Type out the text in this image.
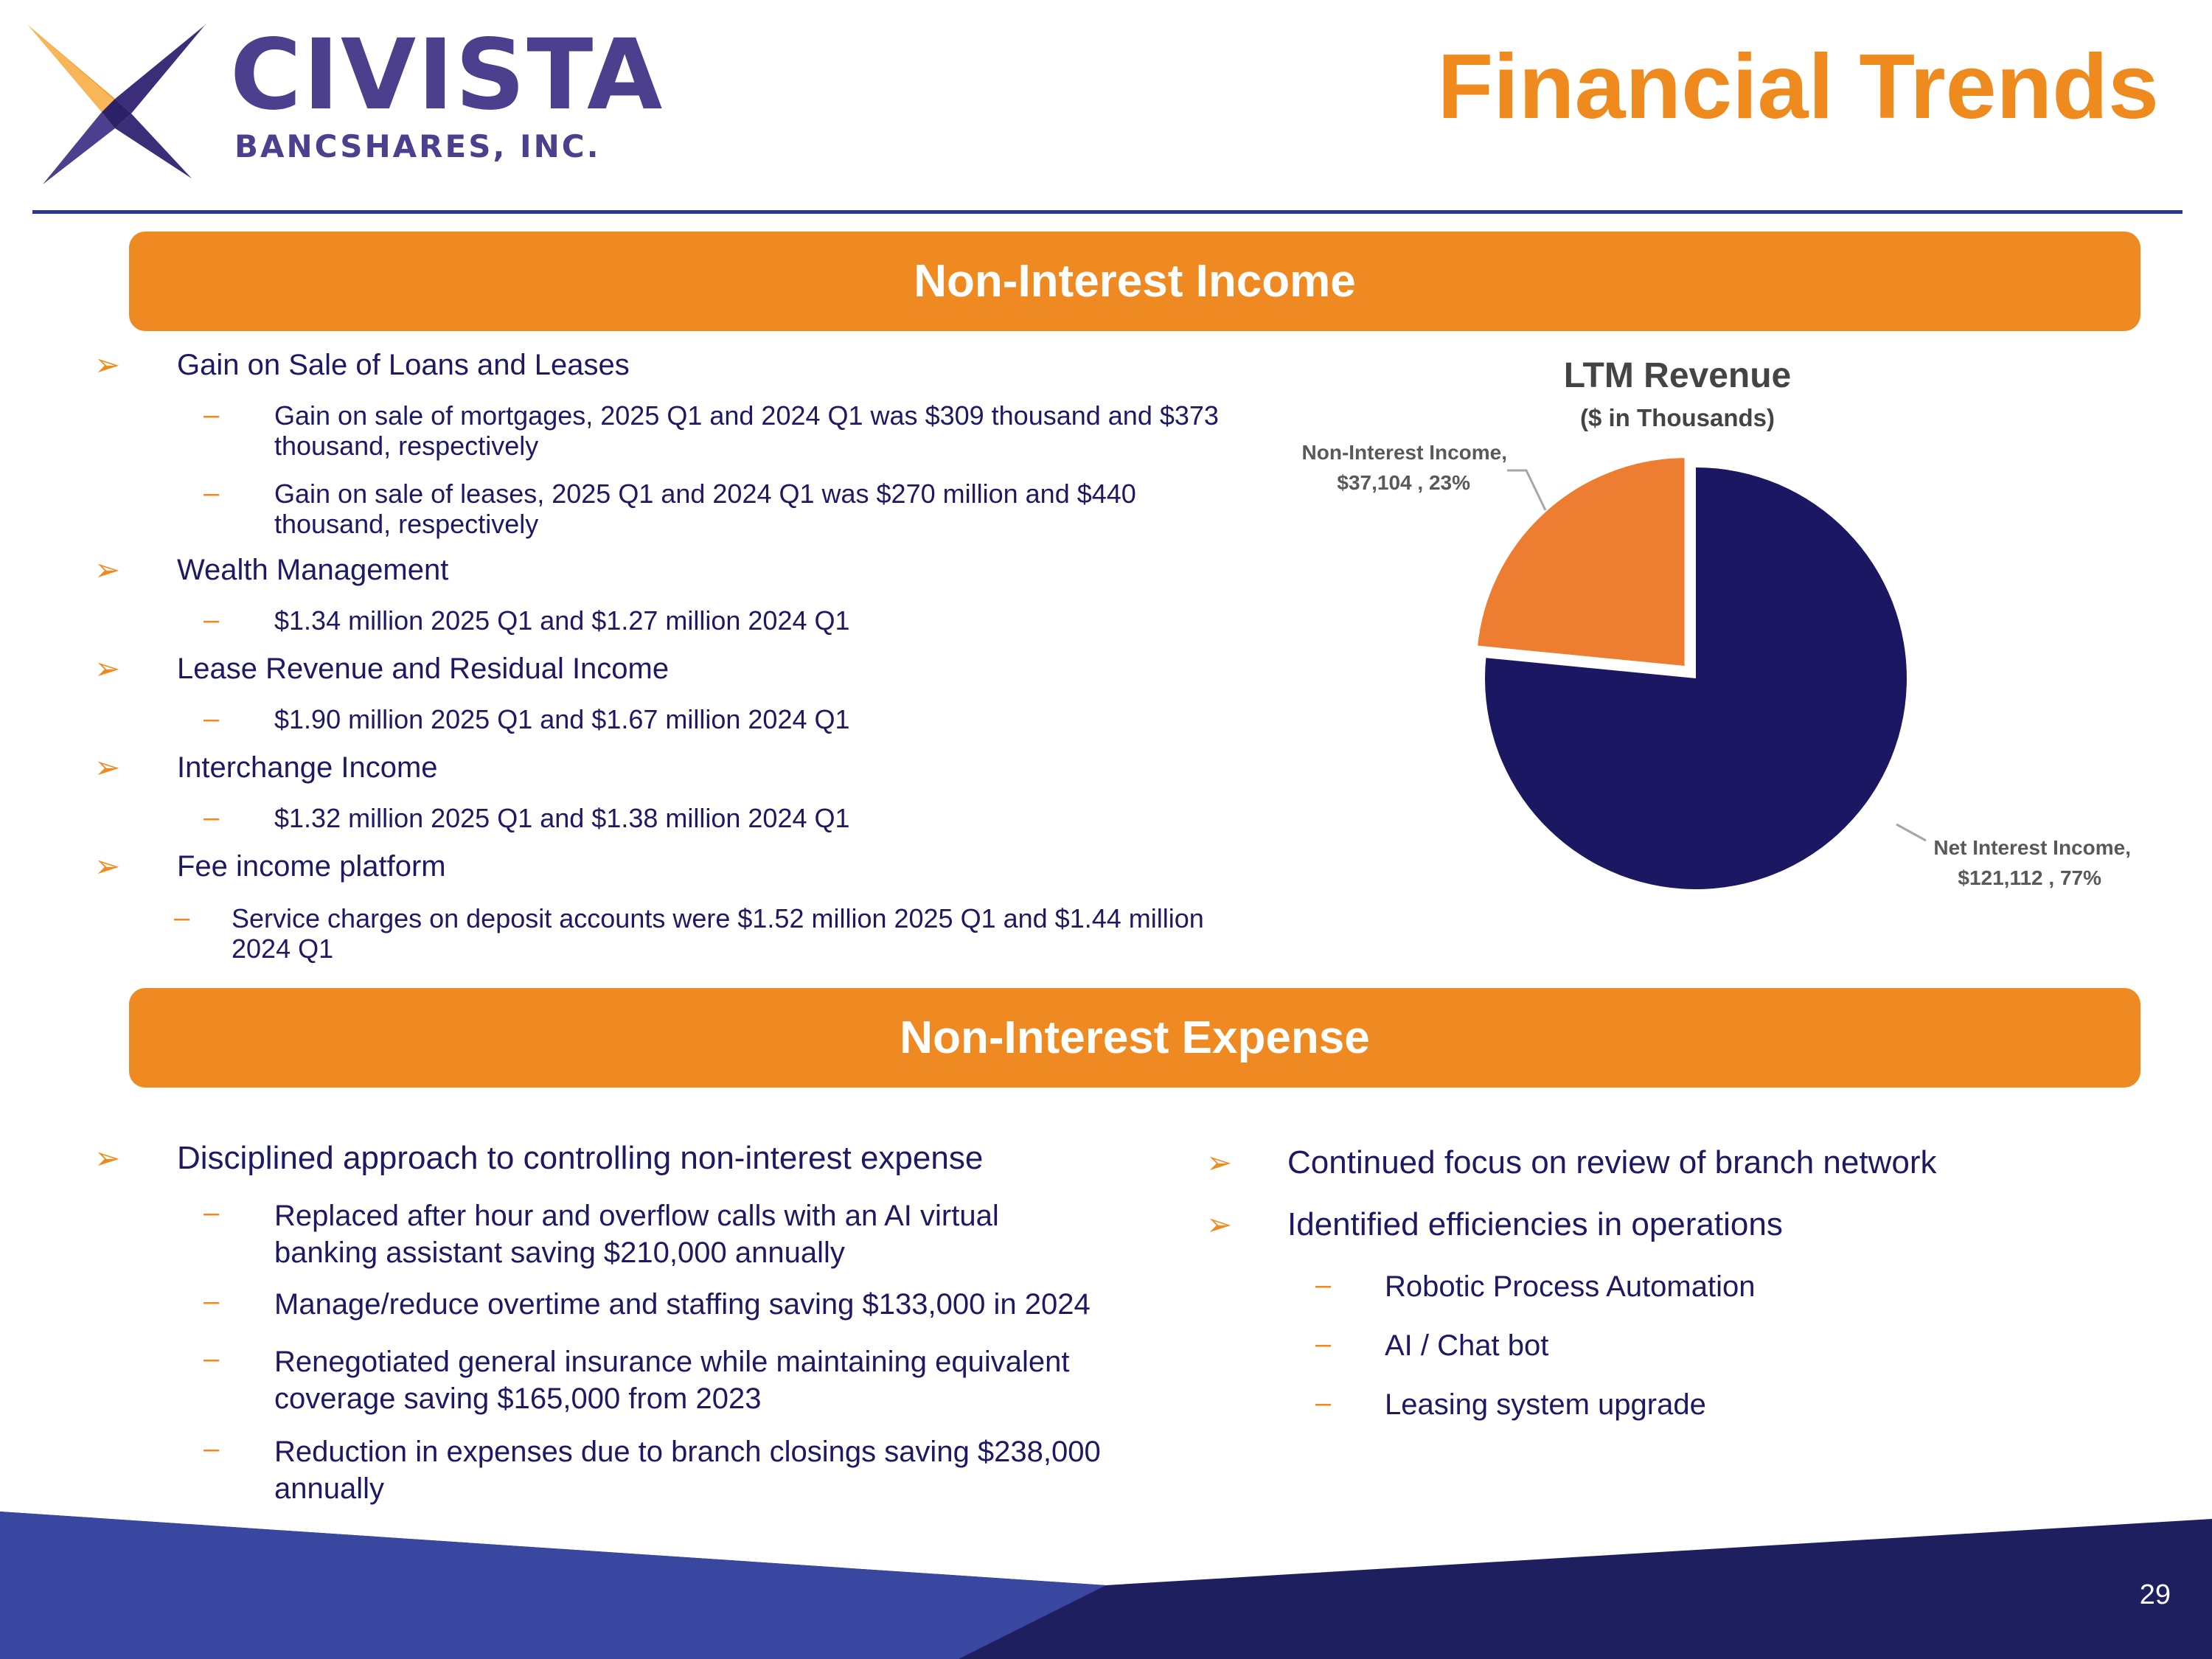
CIVISTA
BANCSHARES, INC.
Financial Trends
Non-Interest Income
➢ Gain on Sale of Loans and Leases
– Gain on sale of mortgages, 2025 Q1 and 2024 Q1 was $309 thousand and $373
thousand, respectively
– Gain on sale of leases, 2025 Q1 and 2024 Q1 was $270 million and $440
thousand, respectively
➢ Wealth Management
– $1.34 million 2025 Q1 and $1.27 million 2024 Q1
➢ Lease Revenue and Residual Income
– $1.90 million 2025 Q1 and $1.67 million 2024 Q1
➢ Interchange Income
– $1.32 million 2025 Q1 and $1.38 million 2024 Q1
➢ Fee income platform
– Service charges on deposit accounts were $1.52 million 2025 Q1 and $1.44 million
2024 Q1
LTM Revenue
($ in Thousands)
Non-Interest Income,
$37,104 , 23%
Net Interest Income,
$121,112 , 77%
Non-Interest Expense
➢ Disciplined approach to controlling non-interest expense
– Replaced after hour and overflow calls with an AI virtual
banking assistant saving $210,000 annually
– Manage/reduce overtime and staffing saving $133,000 in 2024
– Renegotiated general insurance while maintaining equivalent
coverage saving $165,000 from 2023
– Reduction in expenses due to branch closings saving $238,000
annually
➢ Continued focus on review of branch network
➢ Identified efficiencies in operations
– Robotic Process Automation
– AI / Chat bot
– Leasing system upgrade
29
